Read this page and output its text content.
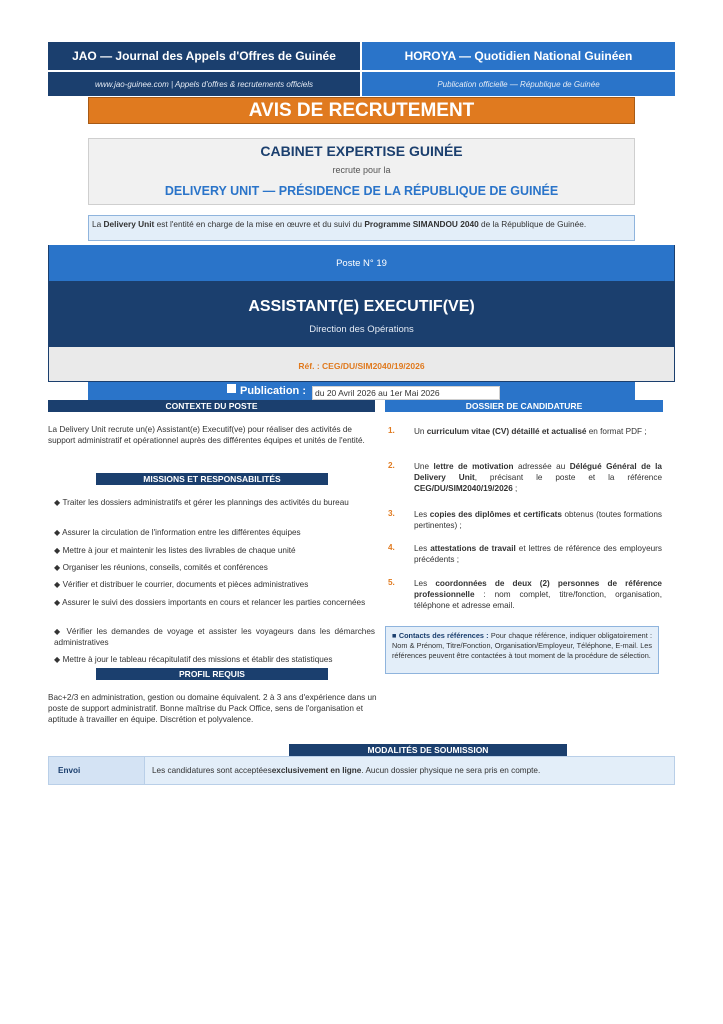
JAO — Journal des Appels d'Offres de Guinée	HOROYA — Quotidien National Guinéen
www.jao-guinee.com | Appels d'offres & recrutements officiels	Publication officielle — République de Guinée
AVIS DE RECRUTEMENT
CABINET EXPERTISE GUINÉE
recrute pour la
DELIVERY UNIT — PRÉSIDENCE DE LA RÉPUBLIQUE DE GUINÉE
La Delivery Unit est l'entité en charge de la mise en œuvre et du suivi du Programme SIMANDOU 2040 de la République de Guinée.
Poste N° 19
ASSISTANT(E) EXECUTIF(VE)
Direction des Opérations
Réf. : CEG/DU/SIM2040/19/2026
Publication :	du 20 Avril 2026 au 1er Mai 2026
CONTEXTE DU POSTE
La Delivery Unit recrute un(e) Assistant(e) Executif(ve) pour réaliser des activités de support administratif et opérationnel auprès des différentes équipes et unités de l'entité.
MISSIONS ET RESPONSABILITÉS
◆ Traiter les dossiers administratifs et gérer les plannings des activités du bureau
◆ Assurer la circulation de l'information entre les différentes équipes
◆ Mettre à jour et maintenir les listes des livrables de chaque unité
◆ Organiser les réunions, conseils, comités et conférences
◆ Vérifier et distribuer le courrier, documents et pièces administratives
◆ Assurer le suivi des dossiers importants en cours et relancer les parties concernées
◆ Vérifier les demandes de voyage et assister les voyageurs dans les démarches administratives
◆ Mettre à jour le tableau récapitulatif des missions et établir des statistiques
PROFIL REQUIS
Bac+2/3 en administration, gestion ou domaine équivalent. 2 à 3 ans d'expérience dans un poste de support administratif. Bonne maîtrise du Pack Office, sens de l'organisation et aptitude à travailler en équipe. Discrétion et polyvalence.
DOSSIER DE CANDIDATURE
1. Un curriculum vitae (CV) détaillé et actualisé en format PDF ;
2. Une lettre de motivation adressée au Délégué Général de la Delivery Unit, précisant le poste et la référence CEG/DU/SIM2040/19/2026 ;
3. Les copies des diplômes et certificats obtenus (toutes formations pertinentes) ;
4. Les attestations de travail et lettres de référence des employeurs précédents ;
5. Les coordonnées de deux (2) personnes de référence professionnelle : nom complet, titre/fonction, organisation, téléphone et adresse email.
■ Contacts des références : Pour chaque référence, indiquer obligatoirement : Nom & Prénom, Titre/Fonction, Organisation/Employeur, Téléphone, E-mail. Les références peuvent être contactées à tout moment de la procédure de sélection.
MODALITÉS DE SOUMISSION
Envoi	Les candidatures sont acceptées exclusivement en ligne . Aucun dossier physique ne sera pris en compte.
